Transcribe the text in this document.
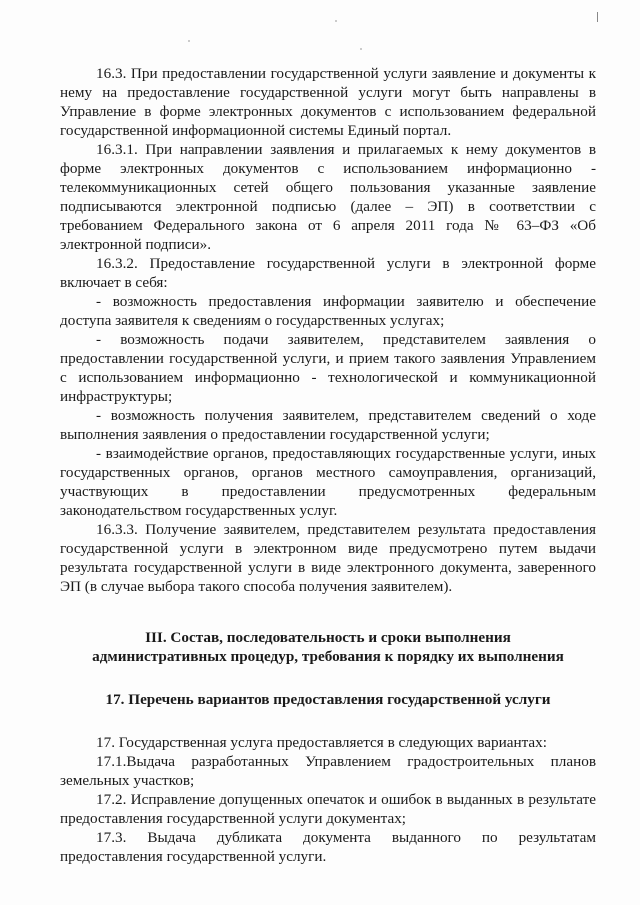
16.3. При предоставлении государственной услуги заявление и документы к нему на предоставление государственной услуги могут быть направлены в Управление в форме электронных документов с использованием федеральной государственной информационной системы Единый портал.

16.3.1. При направлении заявления и прилагаемых к нему документов в форме электронных документов с использованием информационно - телекоммуникационных сетей общего пользования указанные заявление подписываются электронной подписью (далее – ЭП) в соответствии с требованием Федерального закона от 6 апреля 2011 года № 63–ФЗ «Об электронной подписи».

16.3.2. Предоставление государственной услуги в электронной форме включает в себя:

- возможность предоставления информации заявителю и обеспечение доступа заявителя к сведениям о государственных услугах;

- возможность подачи заявителем, представителем заявления о предоставлении государственной услуги, и прием такого заявления Управлением с использованием информационно - технологической и коммуникационной инфраструктуры;

- возможность получения заявителем, представителем сведений о ходе выполнения заявления о предоставлении государственной услуги;

- взаимодействие органов, предоставляющих государственные услуги, иных государственных органов, органов местного самоуправления, организаций, участвующих в предоставлении предусмотренных федеральным законодательством государственных услуг.

16.3.3. Получение заявителем, представителем результата предоставления государственной услуги в электронном виде предусмотрено путем выдачи результата государственной услуги в виде электронного документа, заверенного ЭП (в случае выбора такого способа получения заявителем).

III. Состав, последовательность и сроки выполнения

административных процедур, требования к порядку их выполнения

17. Перечень вариантов предоставления государственной услуги

17. Государственная услуга предоставляется в следующих вариантах:

17.1.Выдача разработанных Управлением градостроительных планов земельных участков;

17.2. Исправление допущенных опечаток и ошибок в выданных в результате предоставления государственной услуги документах;

17.3. Выдача дубликата документа выданного по результатам предоставления государственной услуги.
